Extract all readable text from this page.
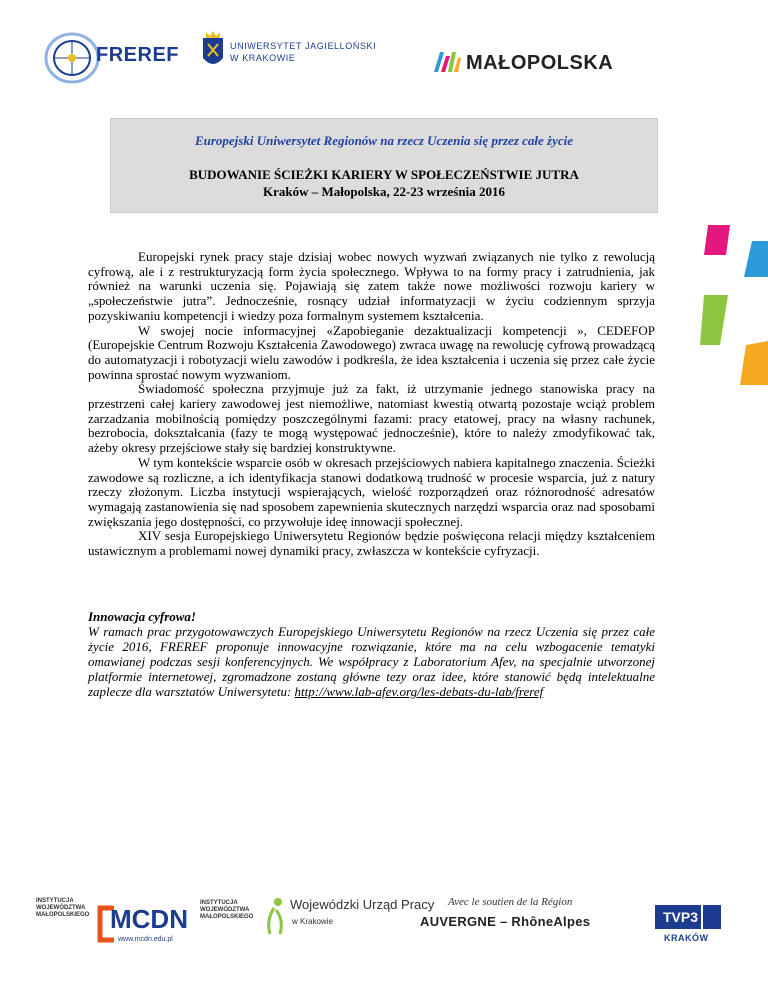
FREREF	UNIWERSYTET JAGIELLOŃSKI
W KRAKOWIE	MAŁOPOLSKA
Europejski Uniwersytet Regionów na rzecz Uczenia się przez całe życie
BUDOWANIE ŚCIEŻKI KARIERY W SPOŁECZEŃSTWIE JUTRA
Kraków – Małopolska, 22-23 września 2016

Europejski rynek pracy staje dzisiaj wobec nowych wyzwań związanych nie tylko z rewolucją cyfrową, ale i z restrukturyzacją form życia społecznego. Wpływa to na formy pracy i zatrudnienia, jak również na warunki uczenia się. Pojawiają się zatem także nowe możliwości rozwoju kariery w „społeczeństwie jutra”. Jednocześnie, rosnący udział informatyzacji w życiu codziennym sprzyja pozyskiwaniu kompetencji i wiedzy poza formalnym systemem kształcenia.

W swojej nocie informacyjnej «Zapobieganie dezaktualizacji kompetencji », CEDEFOP (Europejskie Centrum Rozwoju Kształcenia Zawodowego) zwraca uwagę na rewolucję cyfrową prowadzącą do automatyzacji i robotyzacji wielu zawodów i podkreśla, że idea kształcenia i uczenia się przez całe życie powinna sprostać nowym wyzwaniom.

Świadomość społeczna przyjmuje już za fakt, iż utrzymanie jednego stanowiska pracy na przestrzeni całej kariery zawodowej jest niemożliwe, natomiast kwestią otwartą pozostaje wciąż problem zarzadzania mobilnością pomiędzy poszczególnymi fazami: pracy etatowej, pracy na własny rachunek, bezrobocia, dokształcania (fazy te mogą występować jednocześnie), które to należy zmodyfikować tak, ażeby okresy przejściowe stały się bardziej konstruktywne.

W tym kontekście wsparcie osób w okresach przejściowych nabiera kapitalnego znaczenia. Ścieżki zawodowe są rozliczne, a ich identyfikacja stanowi dodatkową trudność w procesie wsparcia, już z natury rzeczy złożonym. Liczba instytucji wspierających, wielość rozporządzeń oraz różnorodność adresatów wymagają zastanowienia się nad sposobem zapewnienia skutecznych narzędzi wsparcia oraz nad sposobami zwiększania jego dostępności, co przywołuje ideę innowacji społecznej.

XIV sesja Europejskiego Uniwersytetu Regionów będzie poświęcona relacji między kształceniem ustawicznym a problemami nowej dynamiki pracy, zwłaszcza w kontekście cyfryzacji.

Innowacja cyfrowa!
W ramach prac przygotowawczych Europejskiego Uniwersytetu Regionów na rzecz Uczenia się przez całe życie 2016, FREREF proponuje innowacyjne rozwiązanie, które ma na celu wzbogacenie tematyki omawianej podczas sesji konferencyjnych. We współpracy z Laboratorium Afev, na specjalnie utworzonej platformie internetowej, zgromadzone zostaną główne tezy oraz idee, które stanowić będą intelektualne zaplecze dla warsztatów Uniwersytetu: http://www.lab-afev.org/les-debats-du-lab/freref
INSTYTUCJA
WOJEWÓDZTWA
MAŁOPOLSKIEGO MCDN
www.mcdn.edu.pl
INSTYTUCJA
WOJEWÓDZTWA
MAŁOPOLSKIEGO
Wojewódzki Urząd Pracy
w Krakowie
Avec le soutien de la Région
AUVERGNE – RhôneAlpes	TVP3
KRAKÓW
